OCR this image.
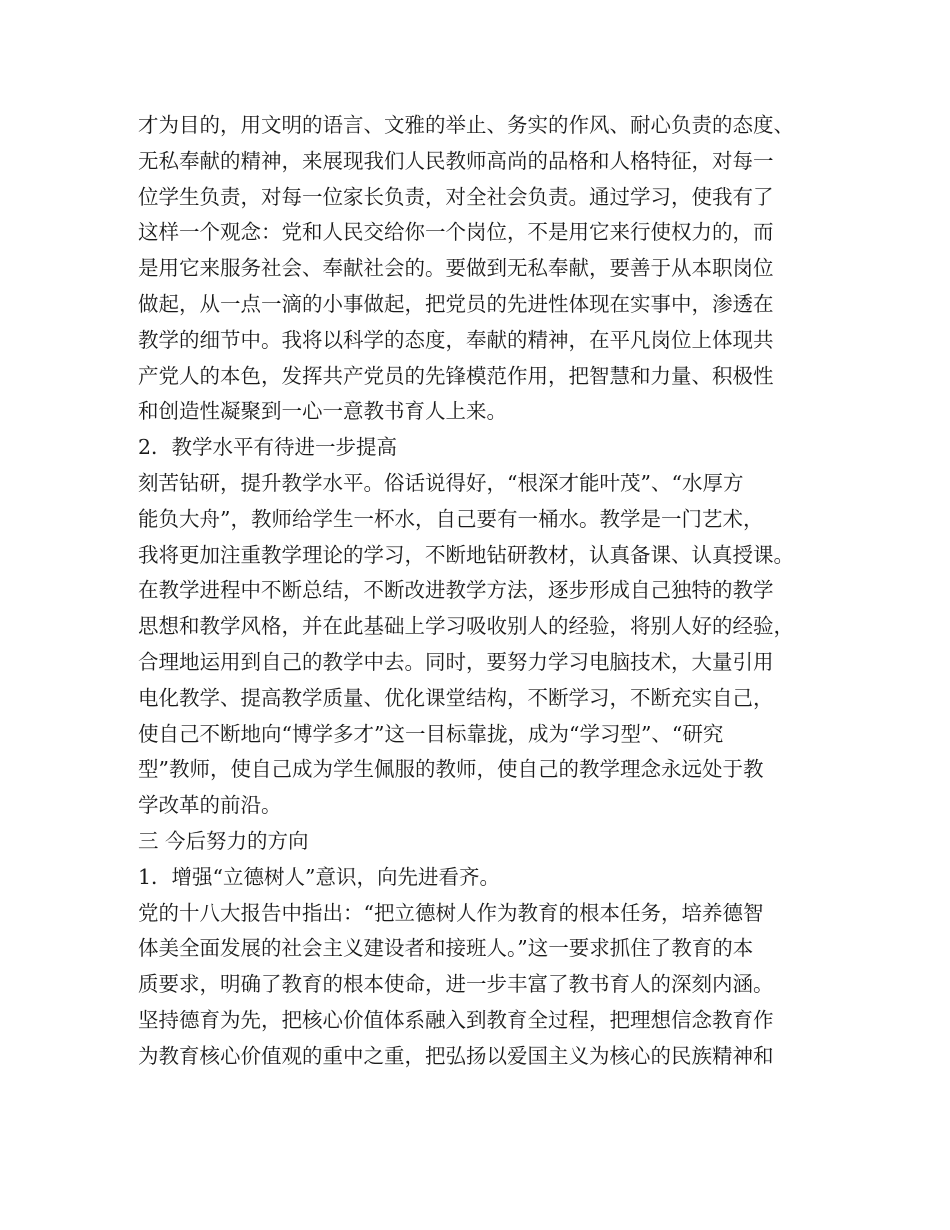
才为目的，用文明的语言、文雅的举止、务实的作风、耐心负责的态度、
无私奉献的精神，来展现我们人民教师高尚的品格和人格特征，对每一
位学生负责，对每一位家长负责，对全社会负责。通过学习，使我有了
这样一个观念：党和人民交给你一个岗位，不是用它来行使权力的，而
是用它来服务社会、奉献社会的。要做到无私奉献，要善于从本职岗位
做起，从一点一滴的小事做起，把党员的先进性体现在实事中，渗透在
教学的细节中。我将以科学的态度，奉献的精神，在平凡岗位上体现共
产党人的本色，发挥共产党员的先锋模范作用，把智慧和力量、积极性
和创造性凝聚到一心一意教书育人上来。
2．教学水平有待进一步提高
刻苦钻研，提升教学水平。俗话说得好，“根深才能叶茂”、“水厚方
能负大舟”，教师给学生一杯水，自己要有一桶水。教学是一门艺术，
我将更加注重教学理论的学习，不断地钻研教材，认真备课、认真授课。
在教学进程中不断总结，不断改进教学方法，逐步形成自己独特的教学
思想和教学风格，并在此基础上学习吸收别人的经验，将别人好的经验，
合理地运用到自己的教学中去。同时，要努力学习电脑技术，大量引用
电化教学、提高教学质量、优化课堂结构，不断学习，不断充实自己，
使自己不断地向“博学多才”这一目标靠拢，成为“学习型”、“研究
型”教师，使自己成为学生佩服的教师，使自己的教学理念永远处于教
学改革的前沿。
三 今后努力的方向
1．增强“立德树人”意识，向先进看齐。
党的十八大报告中指出：“把立德树人作为教育的根本任务，培养德智
体美全面发展的社会主义建设者和接班人。”这一要求抓住了教育的本
质要求，明确了教育的根本使命，进一步丰富了教书育人的深刻内涵。
坚持德育为先，把核心价值体系融入到教育全过程，把理想信念教育作
为教育核心价值观的重中之重，把弘扬以爱国主义为核心的民族精神和
